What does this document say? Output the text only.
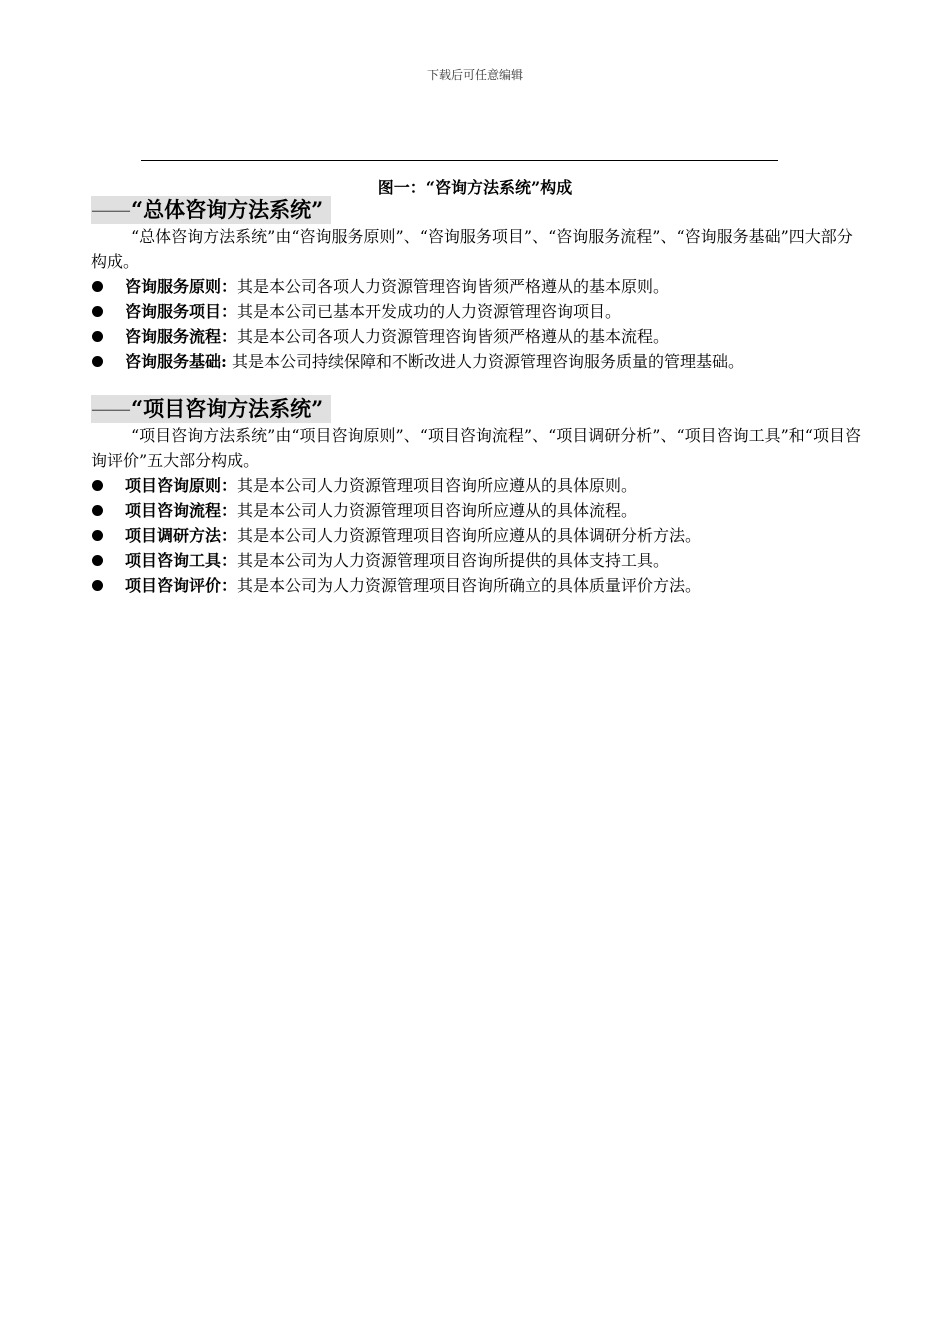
下载后可任意编辑
图一：“咨询方法系统”构成
——“总体咨询方法系统”

“总体咨询方法系统”由“咨询服务原则”、“咨询服务项目”、“咨询服务流程”、“咨询服务基础”四大部分构成。

咨询服务原则：其是本公司各项人力资源管理咨询皆须严格遵从的基本原则。
咨询服务项目：其是本公司已基本开发成功的人力资源管理咨询项目。
咨询服务流程：其是本公司各项人力资源管理咨询皆须严格遵从的基本流程。
咨询服务基础: 其是本公司持续保障和不断改进人力资源管理咨询服务质量的管理基础。
——“项目咨询方法系统”

“项目咨询方法系统”由“项目咨询原则”、“项目咨询流程”、“项目调研分析”、“项目咨询工具”和“项目咨询评价”五大部分构成。

项目咨询原则：其是本公司人力资源管理项目咨询所应遵从的具体原则。
项目咨询流程：其是本公司人力资源管理项目咨询所应遵从的具体流程。
项目调研方法：其是本公司人力资源管理项目咨询所应遵从的具体调研分析方法。
项目咨询工具：其是本公司为人力资源管理项目咨询所提供的具体支持工具。
项目咨询评价：其是本公司为人力资源管理项目咨询所确立的具体质量评价方法。
